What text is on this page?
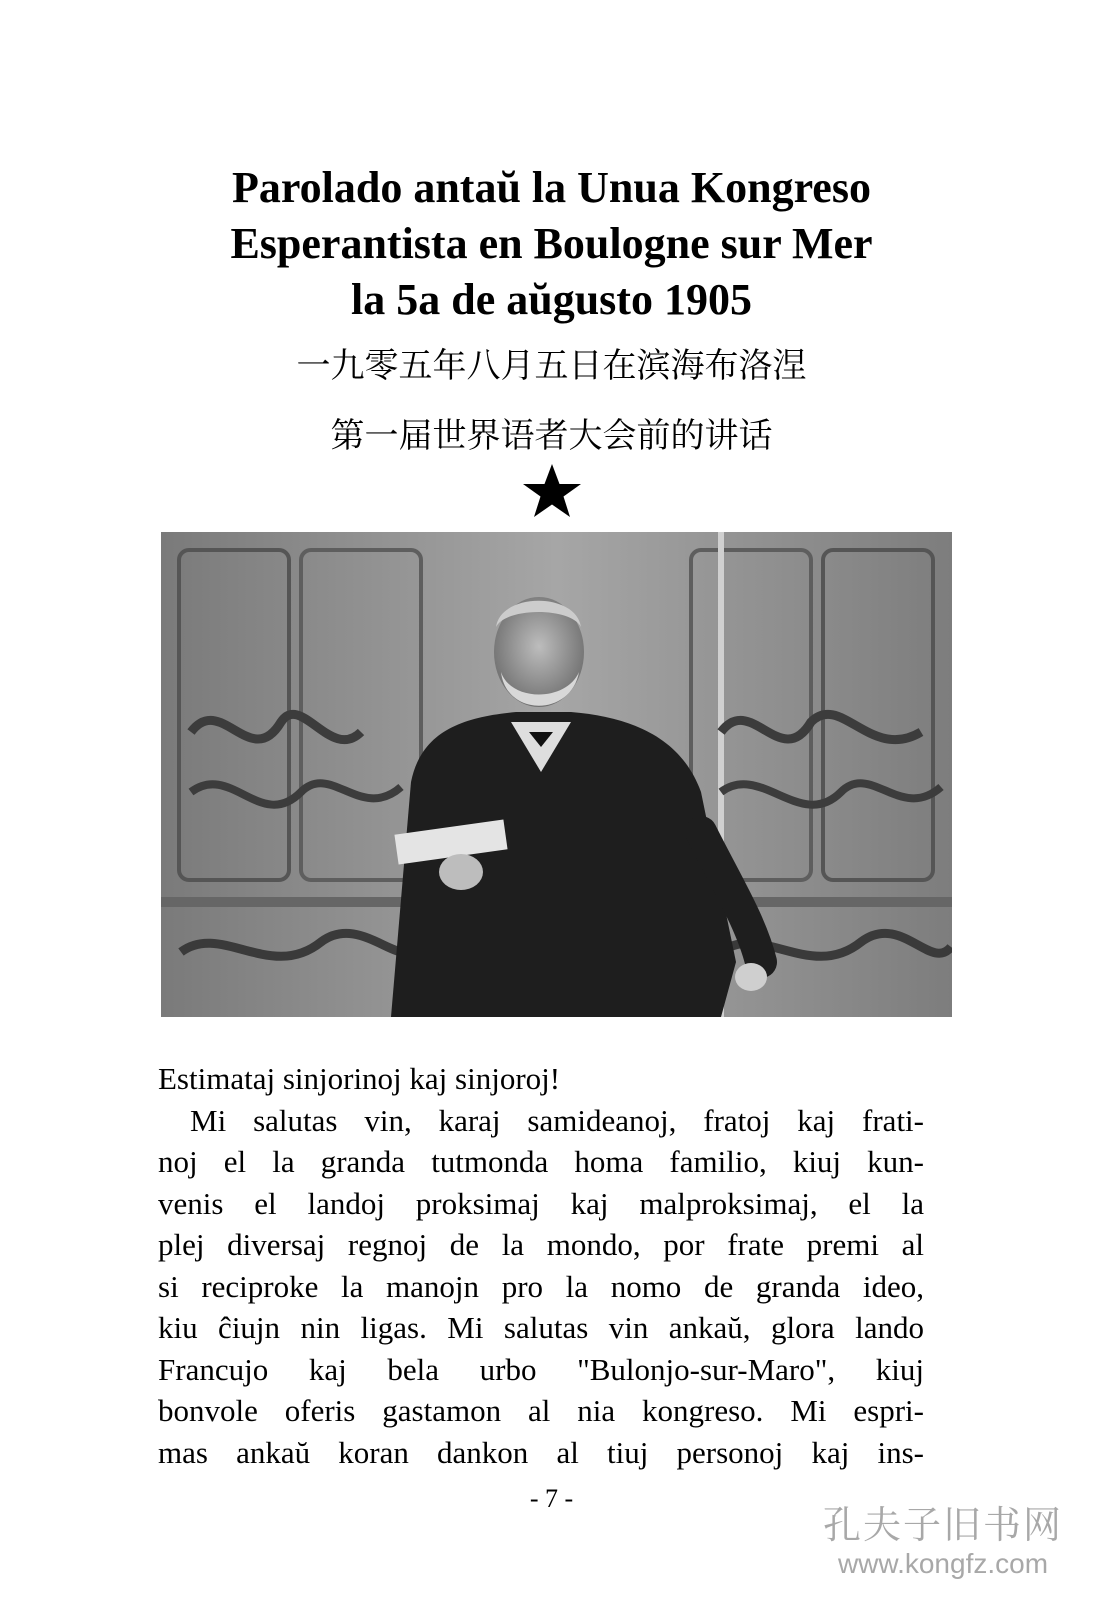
Parolado antaŭ la Unua Kongreso
Esperantista en Boulogne sur Mer
la 5a de aŭgusto 1905
一九零五年八月五日在滨海布洛涅
第一届世界语者大会前的讲话
Estimataj sinjorinoj kaj sinjoroj!
Mi salutas vin, karaj samideanoj, fratoj kaj frati-
noj el la granda tutmonda homa familio, kiuj kun-
venis el landoj proksimaj kaj malproksimaj, el la
plej diversaj regnoj de la mondo, por frate premi al
si reciproke la manojn pro la nomo de granda ideo,
kiu ĉiujn nin ligas. Mi salutas vin ankaŭ, glora lando
Francujo kaj bela urbo "Bulonjo-sur-Maro", kiuj
bonvole oferis gastamon al nia kongreso. Mi espri-
mas ankaŭ koran dankon al tiuj personoj kaj ins-
- 7 -
孔夫子旧书网
www.kongfz.com
